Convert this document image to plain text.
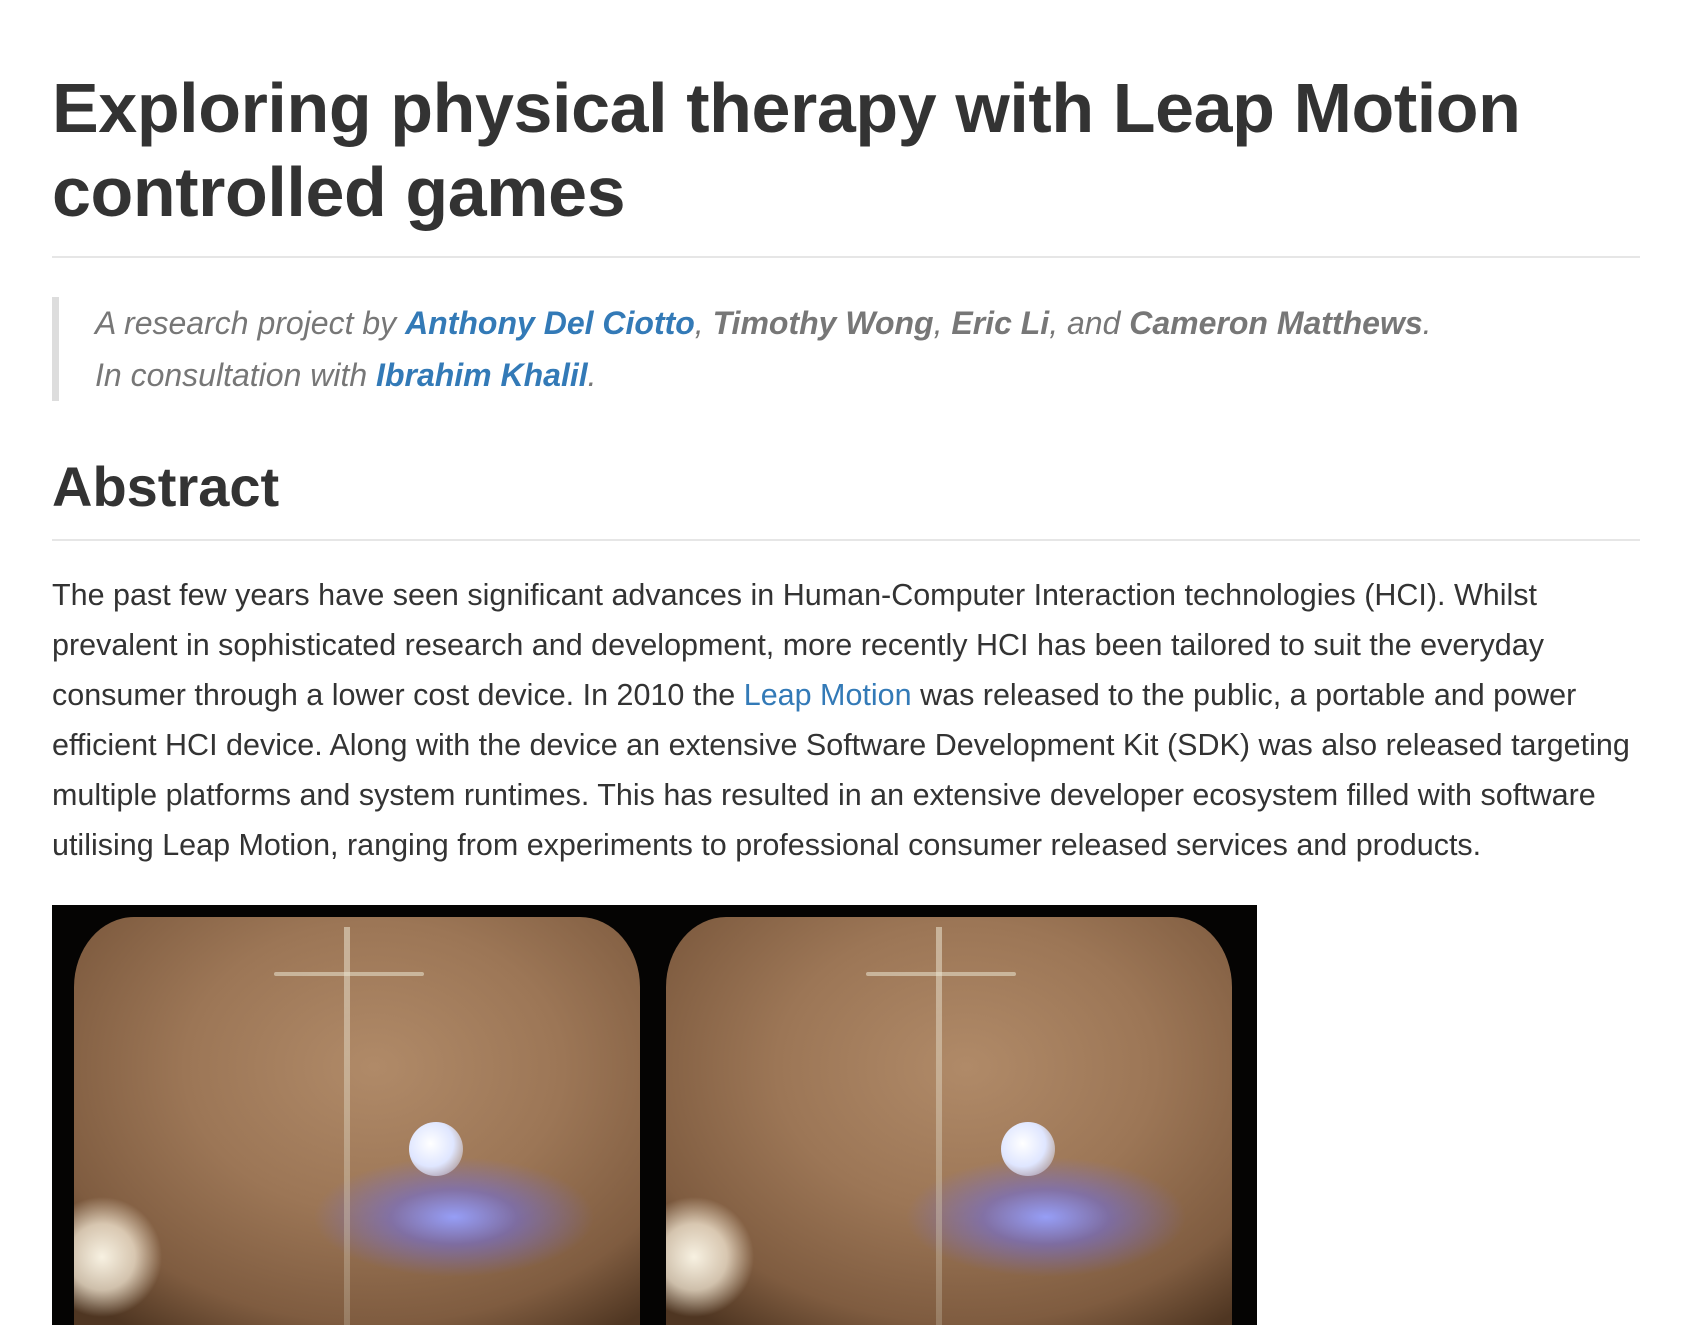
Exploring physical therapy with Leap Motion controlled games

A research project by Anthony Del Ciotto, Timothy Wong, Eric Li, and Cameron Matthews.

In consultation with Ibrahim Khalil.

Abstract

The past few years have seen significant advances in Human-Computer Interaction technologies (HCI). Whilst prevalent in sophisticated research and development, more recently HCI has been tailored to suit the everyday consumer through a lower cost device. In 2010 the Leap Motion was released to the public, a portable and power efficient HCI device. Along with the device an extensive Software Development Kit (SDK) was also released targeting multiple platforms and system runtimes. This has resulted in an extensive developer ecosystem filled with software utilising Leap Motion, ranging from experiments to professional consumer released services and products.
